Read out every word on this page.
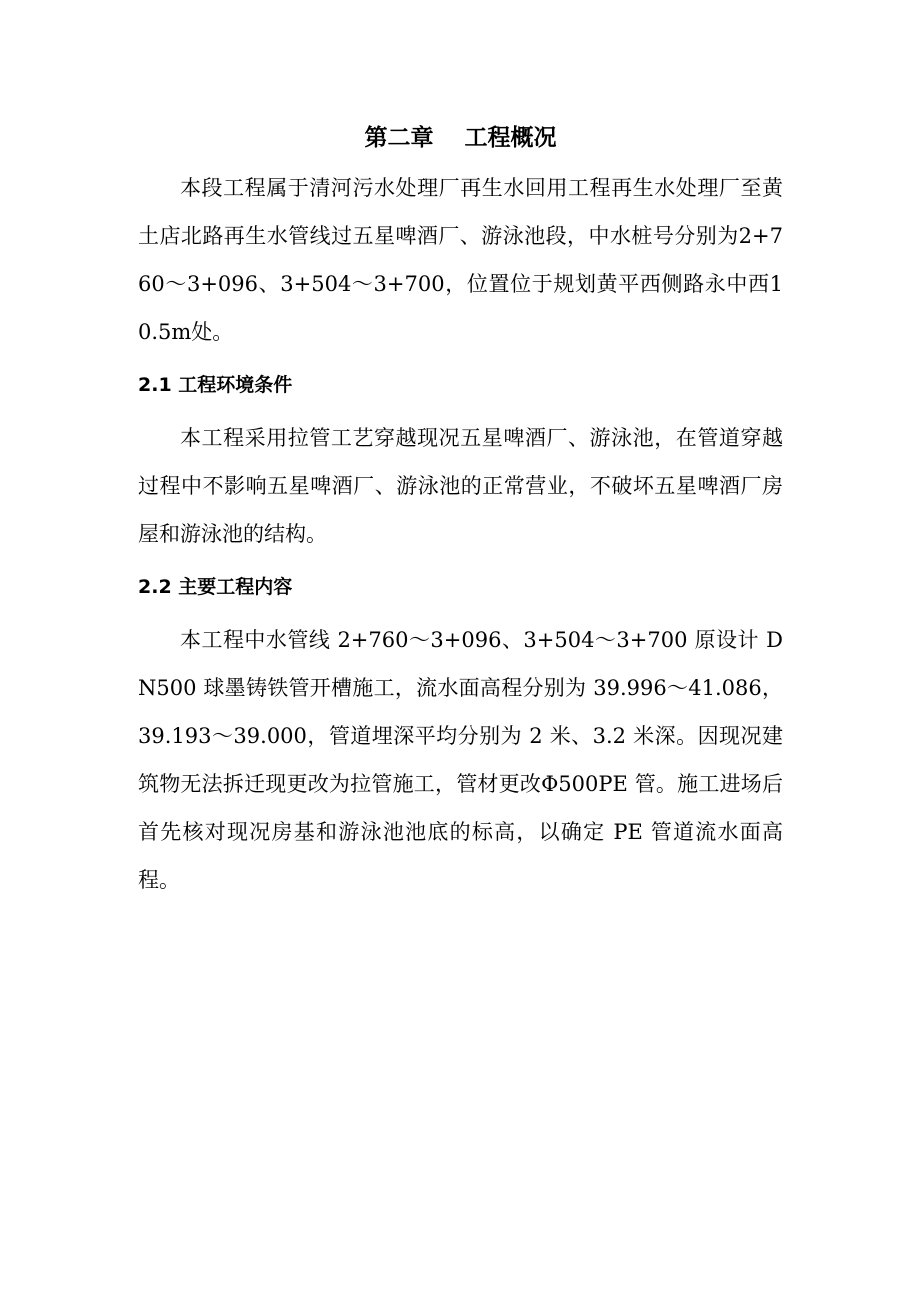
第二章　 工程概况

本段工程属于清河污水处理厂再生水回用工程再生水处理厂至黄土店北路再生水管线过五星啤酒厂、游泳池段，中水桩号分别为2+760～3+096、3+504～3+700，位置位于规划黄平西侧路永中西10.5m处。

2.1 工程环境条件

本工程采用拉管工艺穿越现况五星啤酒厂、游泳池，在管道穿越过程中不影响五星啤酒厂、游泳池的正常营业，不破坏五星啤酒厂房屋和游泳池的结构。

2.2 主要工程内容

本工程中水管线 2+760～3+096、3+504～3+700 原设计 DN500 球墨铸铁管开槽施工，流水面高程分别为 39.996～41.086，39.193～39.000，管道埋深平均分别为 2 米、3.2 米深。因现况建筑物无法拆迁现更改为拉管施工，管材更改Φ500PE 管。施工进场后首先核对现况房基和游泳池池底的标高，以确定 PE 管道流水面高程。
